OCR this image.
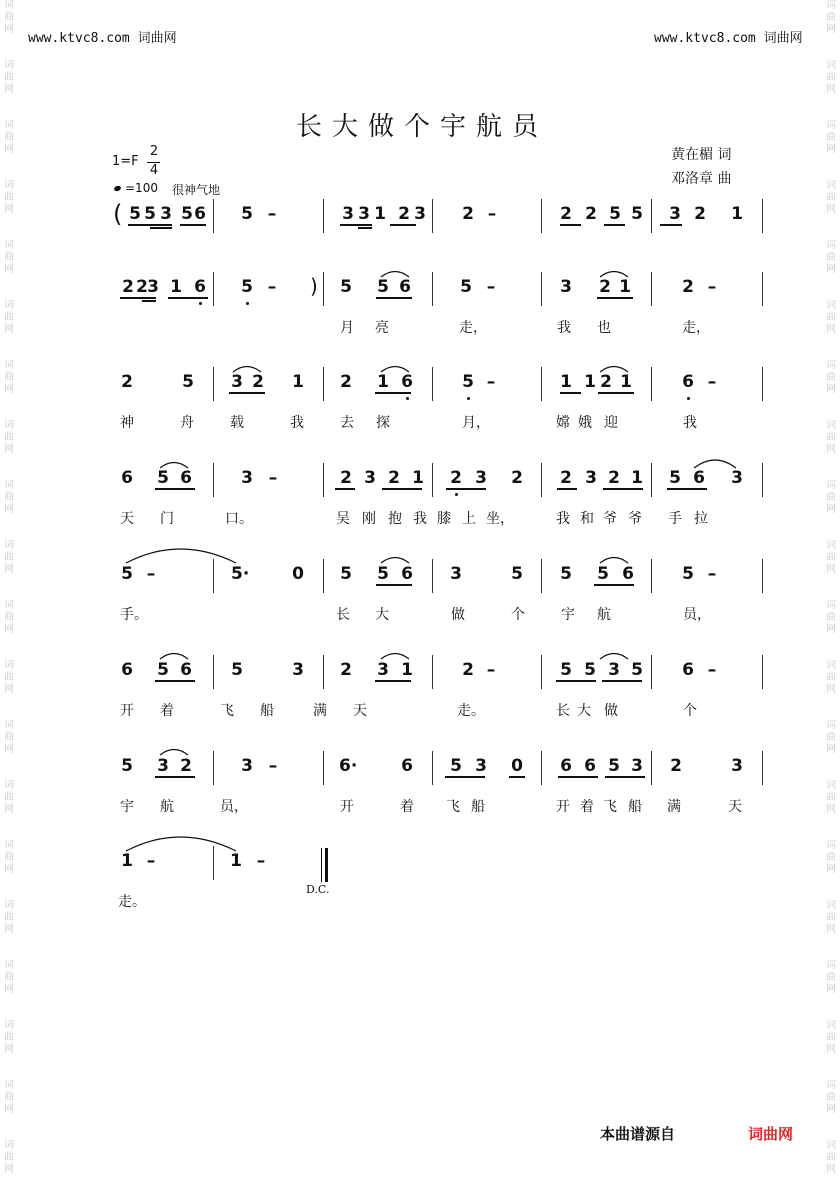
词
曲
网
词
曲
网
词
曲
网
词
曲
网
词
曲
网
词
曲
网
词
曲
网
词
曲
网
词
曲
网
词
曲
网
词
曲
网
词
曲
网
词
曲
网
词
曲
网
词
曲
网
词
曲
网
词
曲
网
词
曲
网
词
曲
网
词
曲
网
词
曲
网
词
曲
网
词
曲
网
词
曲
网
词
曲
网
词
曲
网
词
曲
网
词
曲
网
词
曲
网
词
曲
网
词
曲
网
词
曲
网
词
曲
网
词
曲
网
词
曲
网
词
曲
网
词
曲
网
词
曲
网
词
曲
网
词
曲
网
www.ktvc8.com 词曲网	www.ktvc8.com 词曲网
长大做个宇航员
1=F
2
4
=100 很神气地
黄在楣 词
邓洛章 曲
(
)
5 5 3 5 6 5 –	3 3 1 2 3 2 –	2 2 5 5 3 2 1
2 2 3 1 6 5 –	5 5 6	5 –	3 2 1	2 –
月 亮	走，	我 也	走，
2	5 3 2 1 2 1 6	5 –	1 1 2 1	6 –
神	舟	载	我	去 探	月，	嫦 娥 迎	我
6 5 6	3 –	2 3 2 1 2 3 2 2 3 2 1 5 6 3
天 门	口。	吴 刚 抱 我 膝 上 坐，	我 和 爷 爷 手 拉
5 –	5·	0 5 5 6 3	5 5 5 6	5 –
手。	长 大	做	个	宇 航	员，
6 5 6 5	3 2 3 1	2 –	5 5 3 5 6 –
开 着	飞 船	满 天	走。	长 大 做	个
5 3 2	3 –	6·	6 5 3 0 6 6 5 3 2	3
宇 航	员，	开	着 飞 船	开 着 飞 船 满	天
1 –	1 –
走。
D.C.
本曲谱源自	词曲网
